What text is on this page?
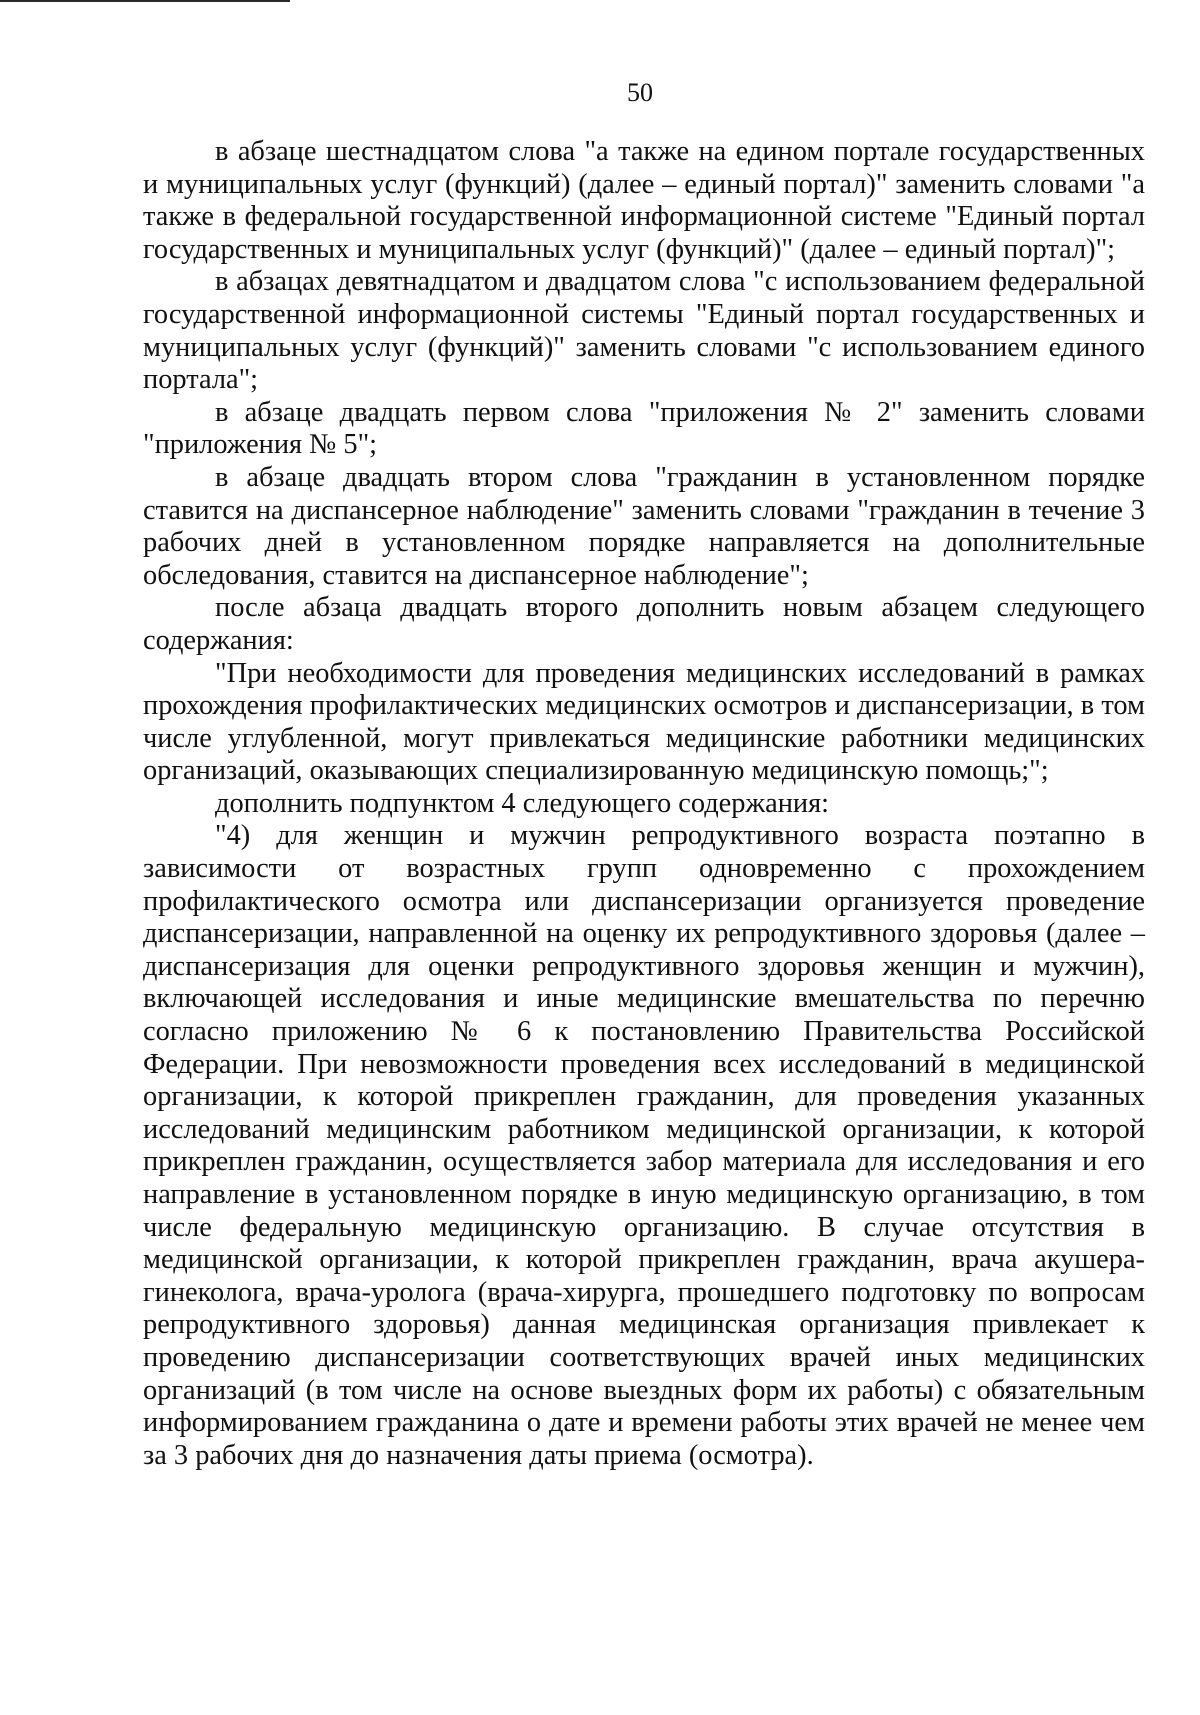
50

в абзаце шестнадцатом слова "а также на едином портале государственных и муниципальных услуг (функций) (далее – единый портал)" заменить словами "а также в федеральной государственной информационной системе "Единый портал государственных и муниципальных услуг (функций)" (далее – единый портал)";

в абзацах девятнадцатом и двадцатом слова "с использованием федеральной государственной информационной системы "Единый портал государственных и муниципальных услуг (функций)" заменить словами "с использованием единого портала";

в абзаце двадцать первом слова "приложения № 2" заменить словами "приложения № 5";

в абзаце двадцать втором слова "гражданин в установленном порядке ставится на диспансерное наблюдение" заменить словами "гражданин в течение 3 рабочих дней в установленном порядке направляется на дополнительные обследования, ставится на диспансерное наблюдение";

после абзаца двадцать второго дополнить новым абзацем следующего содержания:

"При необходимости для проведения медицинских исследований в рамках прохождения профилактических медицинских осмотров и диспансеризации, в том числе углубленной, могут привлекаться медицинские работники медицинских организаций, оказывающих специализированную медицинскую помощь;";

дополнить подпунктом 4 следующего содержания:

"4) для женщин и мужчин репродуктивного возраста поэтапно в зависимости от возрастных групп одновременно с прохождением профилактического осмотра или диспансеризации организуется проведение диспансеризации, направленной на оценку их репродуктивного здоровья (далее – диспансеризация для оценки репродуктивного здоровья женщин и мужчин), включающей исследования и иные медицинские вмешательства по перечню согласно приложению № 6 к постановлению Правительства Российской Федерации. При невозможности проведения всех исследований в медицинской организации, к которой прикреплен гражданин, для проведения указанных исследований медицинским работником медицинской организации, к которой прикреплен гражданин, осуществляется забор материала для исследования и его направление в установленном порядке в иную медицинскую организацию, в том числе федеральную медицинскую организацию. В случае отсутствия в медицинской организации, к которой прикреплен гражданин, врача акушера-гинеколога, врача-уролога (врача-хирурга, прошедшего подготовку по вопросам репродуктивного здоровья) данная медицинская организация привлекает к проведению диспансеризации соответствующих врачей иных медицинских организаций (в том числе на основе выездных форм их работы) с обязательным информированием гражданина о дате и времени работы этих врачей не менее чем за 3 рабочих дня до назначения даты приема (осмотра).
